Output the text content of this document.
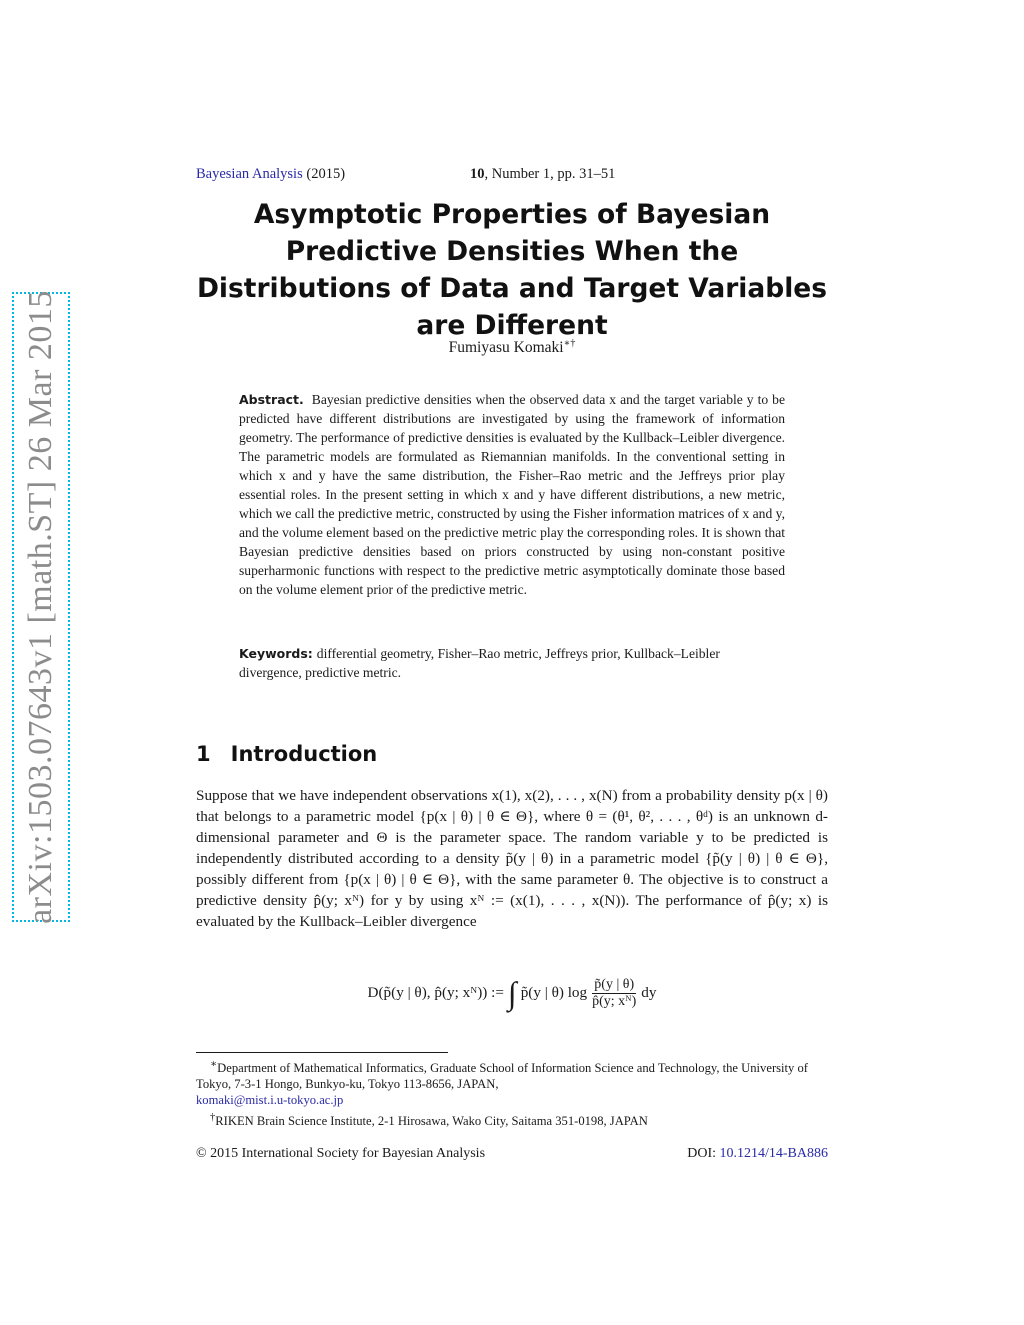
arXiv:1503.07643v1 [math.ST] 26 Mar 2015
Bayesian Analysis (2015)	10, Number 1, pp. 31–51
Asymptotic Properties of Bayesian Predictive Densities When the Distributions of Data and Target Variables are Different
Fumiyasu Komaki∗†
Abstract. Bayesian predictive densities when the observed data x and the target variable y to be predicted have different distributions are investigated by using the framework of information geometry. The performance of predictive densities is evaluated by the Kullback–Leibler divergence. The parametric models are formulated as Riemannian manifolds. In the conventional setting in which x and y have the same distribution, the Fisher–Rao metric and the Jeffreys prior play essential roles. In the present setting in which x and y have different distributions, a new metric, which we call the predictive metric, constructed by using the Fisher information matrices of x and y, and the volume element based on the predictive metric play the corresponding roles. It is shown that Bayesian predictive densities based on priors constructed by using non-constant positive superharmonic functions with respect to the predictive metric asymptotically dominate those based on the volume element prior of the predictive metric.
Keywords: differential geometry, Fisher–Rao metric, Jeffreys prior, Kullback–Leibler divergence, predictive metric.
1 Introduction

Suppose that we have independent observations x(1), x(2), . . . , x(N) from a probability density p(x | θ) that belongs to a parametric model {p(x | θ) | θ ∈ Θ}, where θ = (θ¹, θ², . . . , θᵈ) is an unknown d-dimensional parameter and Θ is the parameter space. The random variable y to be predicted is independently distributed according to a density p̃(y | θ) in a parametric model {p̃(y | θ) | θ ∈ Θ}, possibly different from {p(x | θ) | θ ∈ Θ}, with the same parameter θ. The objective is to construct a predictive density p̂(y; xᴺ) for y by using xᴺ := (x(1), . . . , x(N)). The performance of p̂(y; x) is evaluated by the Kullback–Leibler divergence

D(p̃(y | θ), p̂(y; xᴺ)) := ∫ p̃(y | θ) $\log \frac{p̃(y | \theta)}{\text{p̂(y; xᴺ)}}$ dy

∗Department of Mathematical Informatics, Graduate School of Information Science and Technology, the University of Tokyo, 7-3-1 Hongo, Bunkyo-ku, Tokyo 113-8656, JAPAN,
komaki@mist.i.u-tokyo.ac.jp

†RIKEN Brain Science Institute, 2-1 Hirosawa, Wako City, Saitama 351-0198, JAPAN

© 2015 International Society for Bayesian Analysis	DOI: 10.1214/14-BA886
